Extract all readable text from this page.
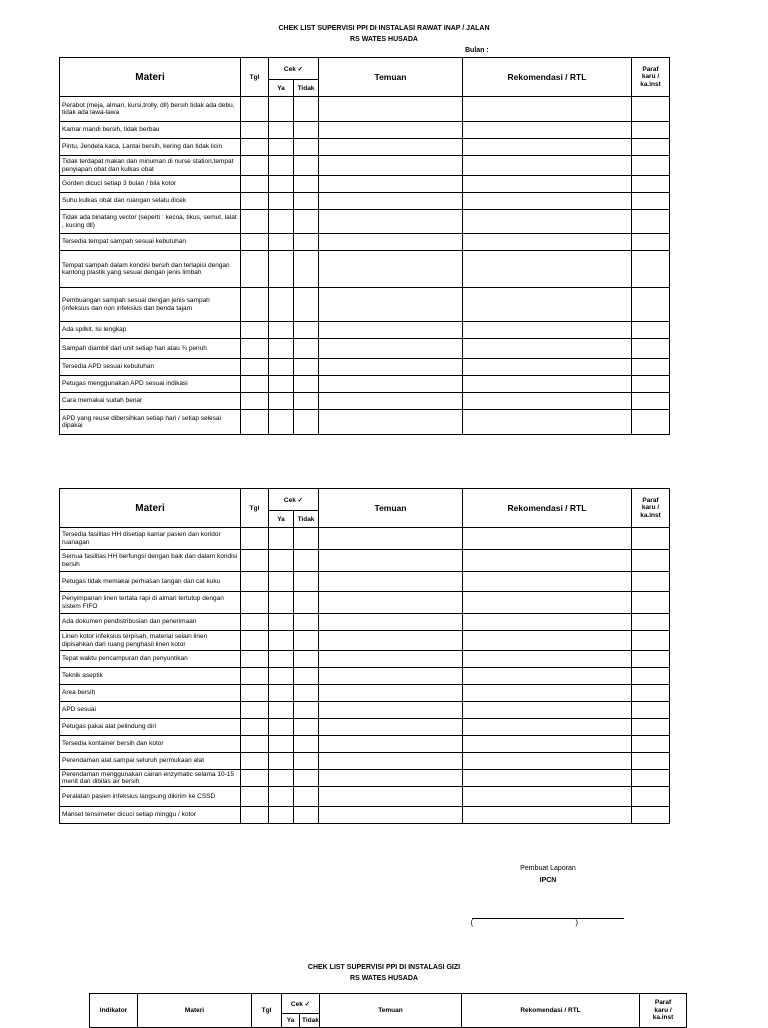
CHEK LIST SUPERVISI PPI DI INSTALASI RAWAT INAP / JALAN
RS WATES HUSADA
Bulan :
Materi	Tgl	Cek ✓		Temuan	Rekomendasi / RTL	Paraf
karu /
ka.inst
		Ya	Tidak			
Perabot (meja, almari, kursi,trolly, dll) bersih tidak ada debu, tidak ada lawa-lawa						
Kamar mandi bersih, tidak berbau						
Pintu, Jendela kaca, Lantai bersih, kering dan tidak licin						
Tidak terdapat makan dan minuman di nurse station,tempat penyiapan obat dan kulkas obat						
Gorden dicuci setiap 3 bulan / bila kotor						
Suhu kulkas obat dan ruangan selalu dicek						
Tidak ada binatang vector (seperti : kecoa, tikus, semut, lalat , kucing dll)						
Tersedia tempat sampah sesuai kebutuhan						
Tempat sampah dalam kondisi bersih dan terlapisi dengan kantong plastik yang sesuai dengan jenis limbah						
Pembuangan sampah sesuai dengan jenis sampah (infeksius dan non infeksius dan benda tajam						
Ada spilkit, Isi lengkap						
Sampah diambil dari unit setiap hari atau ¾ penuh						
Tersedia APD sesuai kebutuhan						
Petugas menggunakan APD sesuai indikasi						
Cara memakai sudah benar						
APD yang reuse dibersihkan setiap hari / setiap selesai dipakai						
Materi	Tgl	Cek ✓		Temuan	Rekomendasi / RTL	Paraf
karu /
ka.inst
		Ya	Tidak			
Tersedia fasilitas HH disetiap kamar pasien dan koridor ruanagan						
Semua fasilitas HH berfungsi dengan baik dan dalam kondisi bersih						
Petugas tidak memakai perhiasan tangan dan cat kuku						
Penyimpanan linen tertata rapi di almari tertutup dengan sistem FIFO						
Ada dokumen pendistribusian dan penerimaan						
Linen kotor infeksius terpisah, material selain linen dipisahkan dari ruang penghasil linen kotor						
Tepat waktu pencampuran dan penyuntikan						
Teknik aseptik						
Area bersih						
APD sesuai						
Petugas pakai alat pelindung diri						
Tersedia kontainer bersih dan kotor						
Perendaman alat sampai seluruh permukaan alat						
Perendaman menggunakan cairan enzymatic selama 10-15 menit dan dibilas air bersih						
Peralatan pasien infeksius langsung dikirim ke CSSD						
Manset tensimeter dicuci setiap minggu / kotor						
Pembuat Laporan
IPCN

(                                              )

CHEK LIST SUPERVISI PPI DI INSTALASI GIZI
RS WATES HUSADA
Indikator	Materi	Tgl	Cek ✓		Temuan	Rekomendasi / RTL	Paraf
karu /
ka.inst
			Ya	Tidak			
